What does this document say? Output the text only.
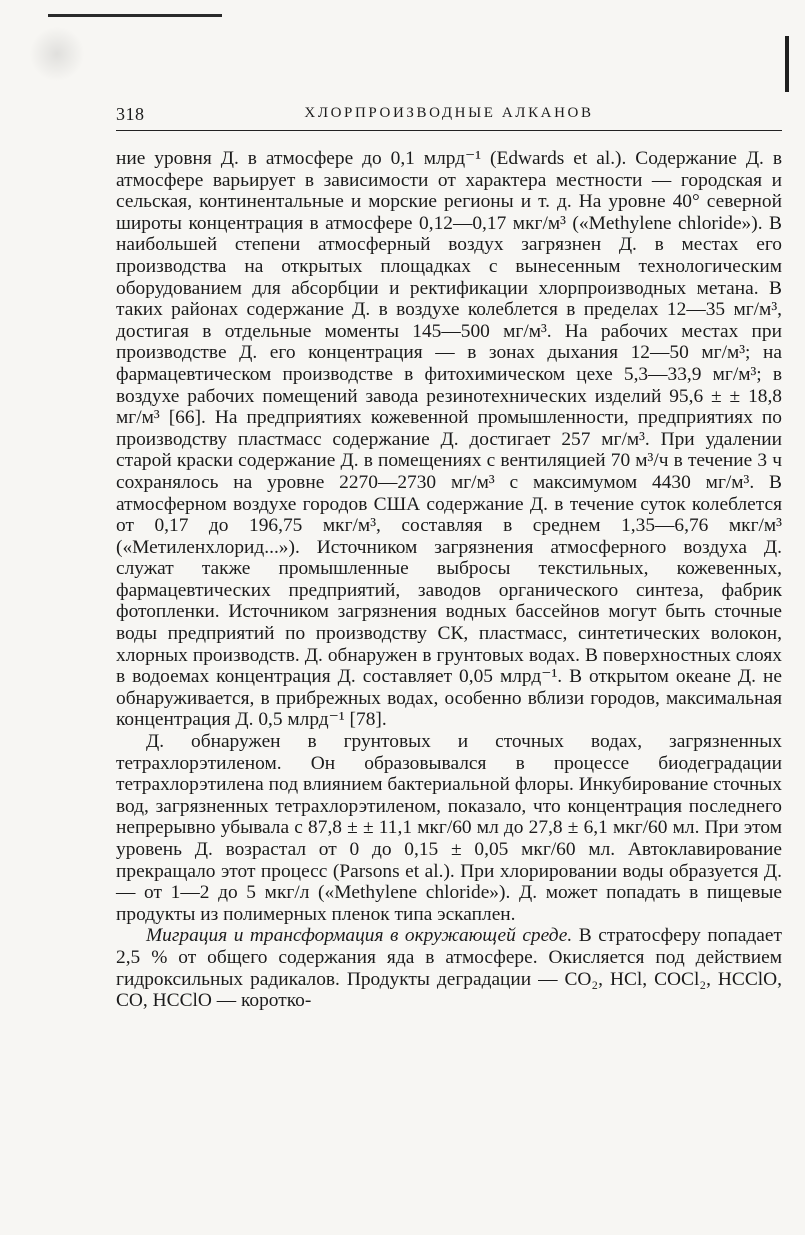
318	ХЛОРПРОИЗВОДНЫЕ АЛКАНОВ

ние уровня Д. в атмосфере до 0,1 млрд⁻¹ (Edwards et al.). Содержание Д. в атмосфере варьирует в зависимости от характера местности — городская и сельская, континентальные и морские регионы и т. д. На уровне 40° северной широты концентрация в атмосфере 0,12—0,17 мкг/м³ («Methylene chloride»). В наибольшей степени атмосферный воздух загрязнен Д. в местах его производства на открытых площадках с вынесенным технологическим оборудованием для абсорбции и ректификации хлорпроизводных метана. В таких районах содержание Д. в воздухе колеблется в пределах 12—35 мг/м³, достигая в отдельные моменты 145—500 мг/м³. На рабочих местах при производстве Д. его концентрация — в зонах дыхания 12—50 мг/м³; на фармацевтическом производстве в фитохимическом цехе 5,3—33,9 мг/м³; в воздухе рабочих помещений завода резинотехнических изделий 95,6 ± ± 18,8 мг/м³ [66]. На предприятиях кожевенной промышленности, предприятиях по производству пластмасс содержание Д. достигает 257 мг/м³. При удалении старой краски содержание Д. в помещениях с вентиляцией 70 м³/ч в течение 3 ч сохранялось на уровне 2270—2730 мг/м³ с максимумом 4430 мг/м³. В атмосферном воздухе городов США содержание Д. в течение суток колеблется от 0,17 до 196,75 мкг/м³, составляя в среднем 1,35—6,76 мкг/м³ («Метиленхлорид...»). Источником загрязнения атмосферного воздуха Д. служат также промышленные выбросы текстильных, кожевенных, фармацевтических предприятий, заводов органического синтеза, фабрик фотопленки. Источником загрязнения водных бассейнов могут быть сточные воды предприятий по производству СК, пластмасс, синтетических волокон, хлорных производств. Д. обнаружен в грунтовых водах. В поверхностных слоях в водоемах концентрация Д. составляет 0,05 млрд⁻¹. В открытом океане Д. не обнаруживается, в прибрежных водах, особенно вблизи городов, максимальная концентрация Д. 0,5 млрд⁻¹ [78].

Д. обнаружен в грунтовых и сточных водах, загрязненных тетрахлорэтиленом. Он образовывался в процессе биодеградации тетрахлорэтилена под влиянием бактериальной флоры. Инкубирование сточных вод, загрязненных тетрахлорэтиленом, показало, что концентрация последнего непрерывно убывала с 87,8 ± ± 11,1 мкг/60 мл до 27,8 ± 6,1 мкг/60 мл. При этом уровень Д. возрастал от 0 до 0,15 ± 0,05 мкг/60 мл. Автоклавирование прекращало этот процесс (Parsons et al.). При хлорировании воды образуется Д. — от 1—2 до 5 мкг/л («Methylene chloride»). Д. может попадать в пищевые продукты из полимерных пленок типа эскаплен.

Миграция и трансформация в окружающей среде. В стратосферу попадает 2,5 % от общего содержания яда в атмосфере. Окисляется под действием гидроксильных радикалов. Продукты деградации — CO₂, HCl, COCl₂, HCClO, CO, HCClO — коротко-
